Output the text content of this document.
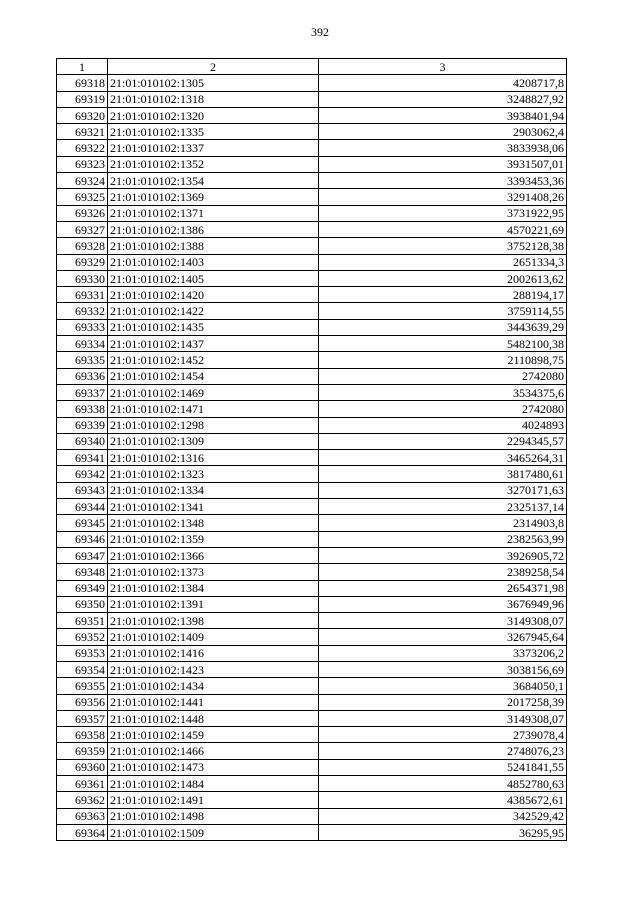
392
1	2	3
69318	21:01:010102:1305	4208717,8
69319	21:01:010102:1318	3248827,92
69320	21:01:010102:1320	3938401,94
69321	21:01:010102:1335	2903062,4
69322	21:01:010102:1337	3833938,06
69323	21:01:010102:1352	3931507,01
69324	21:01:010102:1354	3393453,36
69325	21:01:010102:1369	3291408,26
69326	21:01:010102:1371	3731922,95
69327	21:01:010102:1386	4570221,69
69328	21:01:010102:1388	3752128,38
69329	21:01:010102:1403	2651334,3
69330	21:01:010102:1405	2002613,62
69331	21:01:010102:1420	288194,17
69332	21:01:010102:1422	3759114,55
69333	21:01:010102:1435	3443639,29
69334	21:01:010102:1437	5482100,38
69335	21:01:010102:1452	2110898,75
69336	21:01:010102:1454	2742080
69337	21:01:010102:1469	3534375,6
69338	21:01:010102:1471	2742080
69339	21:01:010102:1298	4024893
69340	21:01:010102:1309	2294345,57
69341	21:01:010102:1316	3465264,31
69342	21:01:010102:1323	3817480,61
69343	21:01:010102:1334	3270171,63
69344	21:01:010102:1341	2325137,14
69345	21:01:010102:1348	2314903,8
69346	21:01:010102:1359	2382563,99
69347	21:01:010102:1366	3926905,72
69348	21:01:010102:1373	2389258,54
69349	21:01:010102:1384	2654371,98
69350	21:01:010102:1391	3676949,96
69351	21:01:010102:1398	3149308,07
69352	21:01:010102:1409	3267945,64
69353	21:01:010102:1416	3373206,2
69354	21:01:010102:1423	3038156,69
69355	21:01:010102:1434	3684050,1
69356	21:01:010102:1441	2017258,39
69357	21:01:010102:1448	3149308,07
69358	21:01:010102:1459	2739078,4
69359	21:01:010102:1466	2748076,23
69360	21:01:010102:1473	5241841,55
69361	21:01:010102:1484	4852780,63
69362	21:01:010102:1491	4385672,61
69363	21:01:010102:1498	342529,42
69364	21:01:010102:1509	36295,95
